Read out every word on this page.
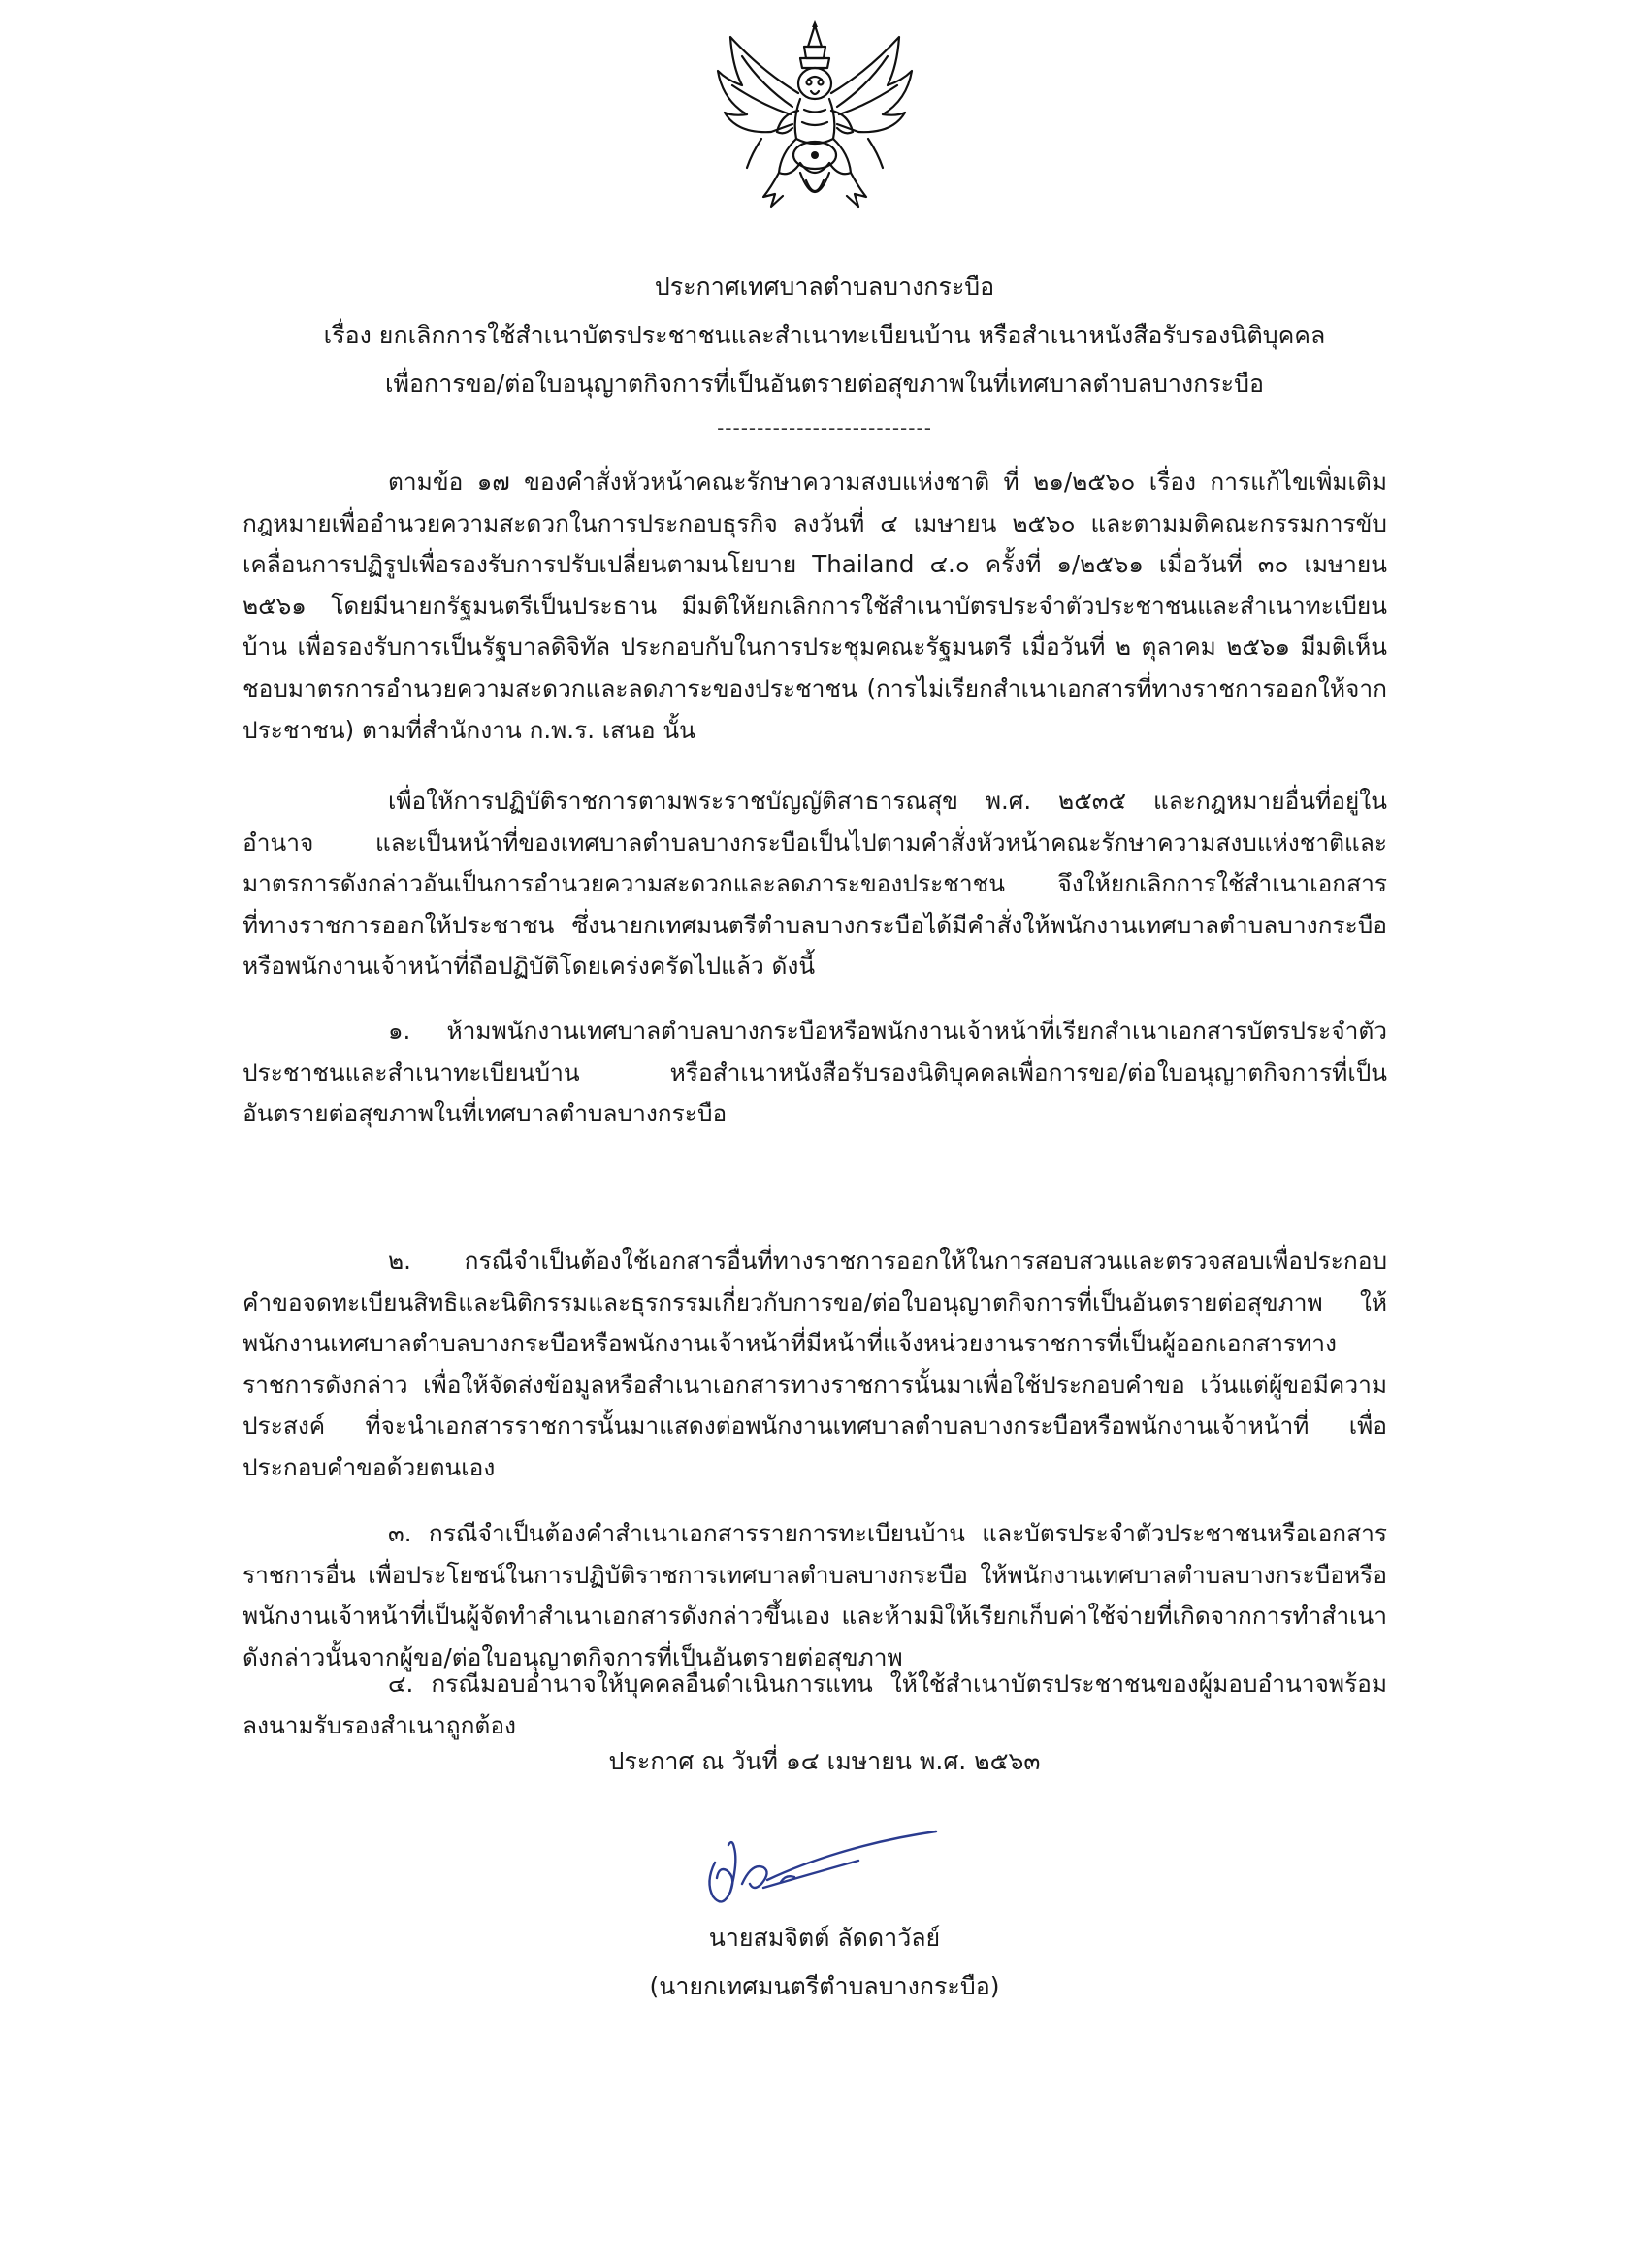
ประกาศเทศบาลตำบลบางกระบือ
เรื่อง ยกเลิกการใช้สำเนาบัตรประชาชนและสำเนาทะเบียนบ้าน หรือสำเนาหนังสือรับรองนิติบุคคล
เพื่อการขอ/ต่อใบอนุญาตกิจการที่เป็นอันตรายต่อสุขภาพในที่เทศบาลตำบลบางกระบือ
---------------------------
ตามข้อ ๑๗ ของคำสั่งหัวหน้าคณะรักษาความสงบแห่งชาติ ที่ ๒๑/๒๕๖๐ เรื่อง การแก้ไขเพิ่มเติมกฎหมายเพื่ออำนวยความสะดวกในการประกอบธุรกิจ ลงวันที่ ๔ เมษายน ๒๕๖๐ และตามมติคณะกรรมการขับเคลื่อนการปฏิรูปเพื่อรองรับการปรับเปลี่ยนตามนโยบาย Thailand ๔.๐ ครั้งที่ ๑/๒๕๖๑ เมื่อวันที่ ๓๐ เมษายน ๒๕๖๑ โดยมีนายกรัฐมนตรีเป็นประธาน มีมติให้ยกเลิกการใช้สำเนาบัตรประจำตัวประชาชนและสำเนาทะเบียนบ้าน เพื่อรองรับการเป็นรัฐบาลดิจิทัล ประกอบกับในการประชุมคณะรัฐมนตรี เมื่อวันที่ ๒ ตุลาคม ๒๕๖๑ มีมติเห็นชอบมาตรการอำนวยความสะดวกและลดภาระของประชาชน (การไม่เรียกสำเนาเอกสารที่ทางราชการออกให้จากประชาชน) ตามที่สำนักงาน ก.พ.ร. เสนอ นั้น
เพื่อให้การปฏิบัติราชการตามพระราชบัญญัติสาธารณสุข พ.ศ. ๒๕๓๕ และกฎหมายอื่นที่อยู่ในอำนาจ และเป็นหน้าที่ของเทศบาลตำบลบางกระบือเป็นไปตามคำสั่งหัวหน้าคณะรักษาความสงบแห่งชาติและมาตรการดังกล่าวอันเป็นการอำนวยความสะดวกและลดภาระของประชาชน จึงให้ยกเลิกการใช้สำเนาเอกสารที่ทางราชการออกให้ประชาชน ซึ่งนายกเทศมนตรีตำบลบางกระบือได้มีคำสั่งให้พนักงานเทศบาลตำบลบางกระบือหรือพนักงานเจ้าหน้าที่ถือปฏิบัติโดยเคร่งครัดไปแล้ว ดังนี้
๑. ห้ามพนักงานเทศบาลตำบลบางกระบือหรือพนักงานเจ้าหน้าที่เรียกสำเนาเอกสารบัตรประจำตัวประชาชนและสำเนาทะเบียนบ้าน หรือสำเนาหนังสือรับรองนิติบุคคลเพื่อการขอ/ต่อใบอนุญาตกิจการที่เป็นอันตรายต่อสุขภาพในที่เทศบาลตำบลบางกระบือ
๒. กรณีจำเป็นต้องใช้เอกสารอื่นที่ทางราชการออกให้ในการสอบสวนและตรวจสอบเพื่อประกอบคำขอจดทะเบียนสิทธิและนิติกรรมและธุรกรรมเกี่ยวกับการขอ/ต่อใบอนุญาตกิจการที่เป็นอันตรายต่อสุขภาพ ให้พนักงานเทศบาลตำบลบางกระบือหรือพนักงานเจ้าหน้าที่มีหน้าที่แจ้งหน่วยงานราชการที่เป็นผู้ออกเอกสารทางราชการดังกล่าว เพื่อให้จัดส่งข้อมูลหรือสำเนาเอกสารทางราชการนั้นมาเพื่อใช้ประกอบคำขอ เว้นแต่ผู้ขอมีความประสงค์ ที่จะนำเอกสารราชการนั้นมาแสดงต่อพนักงานเทศบาลตำบลบางกระบือหรือพนักงานเจ้าหน้าที่ เพื่อประกอบคำขอด้วยตนเอง
๓. กรณีจำเป็นต้องคำสำเนาเอกสารรายการทะเบียนบ้าน และบัตรประจำตัวประชาชนหรือเอกสารราชการอื่น เพื่อประโยชน์ในการปฏิบัติราชการเทศบาลตำบลบางกระบือ ให้พนักงานเทศบาลตำบลบางกระบือหรือพนักงานเจ้าหน้าที่เป็นผู้จัดทำสำเนาเอกสารดังกล่าวขึ้นเอง และห้ามมิให้เรียกเก็บค่าใช้จ่ายที่เกิดจากการทำสำเนาดังกล่าวนั้นจากผู้ขอ/ต่อใบอนุญาตกิจการที่เป็นอันตรายต่อสุขภาพ
๔. กรณีมอบอำนาจให้บุคคลอื่นดำเนินการแทน ให้ใช้สำเนาบัตรประชาชนของผู้มอบอำนาจพร้อมลงนามรับรองสำเนาถูกต้อง
ประกาศ ณ วันที่ ๑๔ เมษายน พ.ศ. ๒๕๖๓
นายสมจิตต์ ลัดดาวัลย์
(นายกเทศมนตรีตำบลบางกระบือ)
